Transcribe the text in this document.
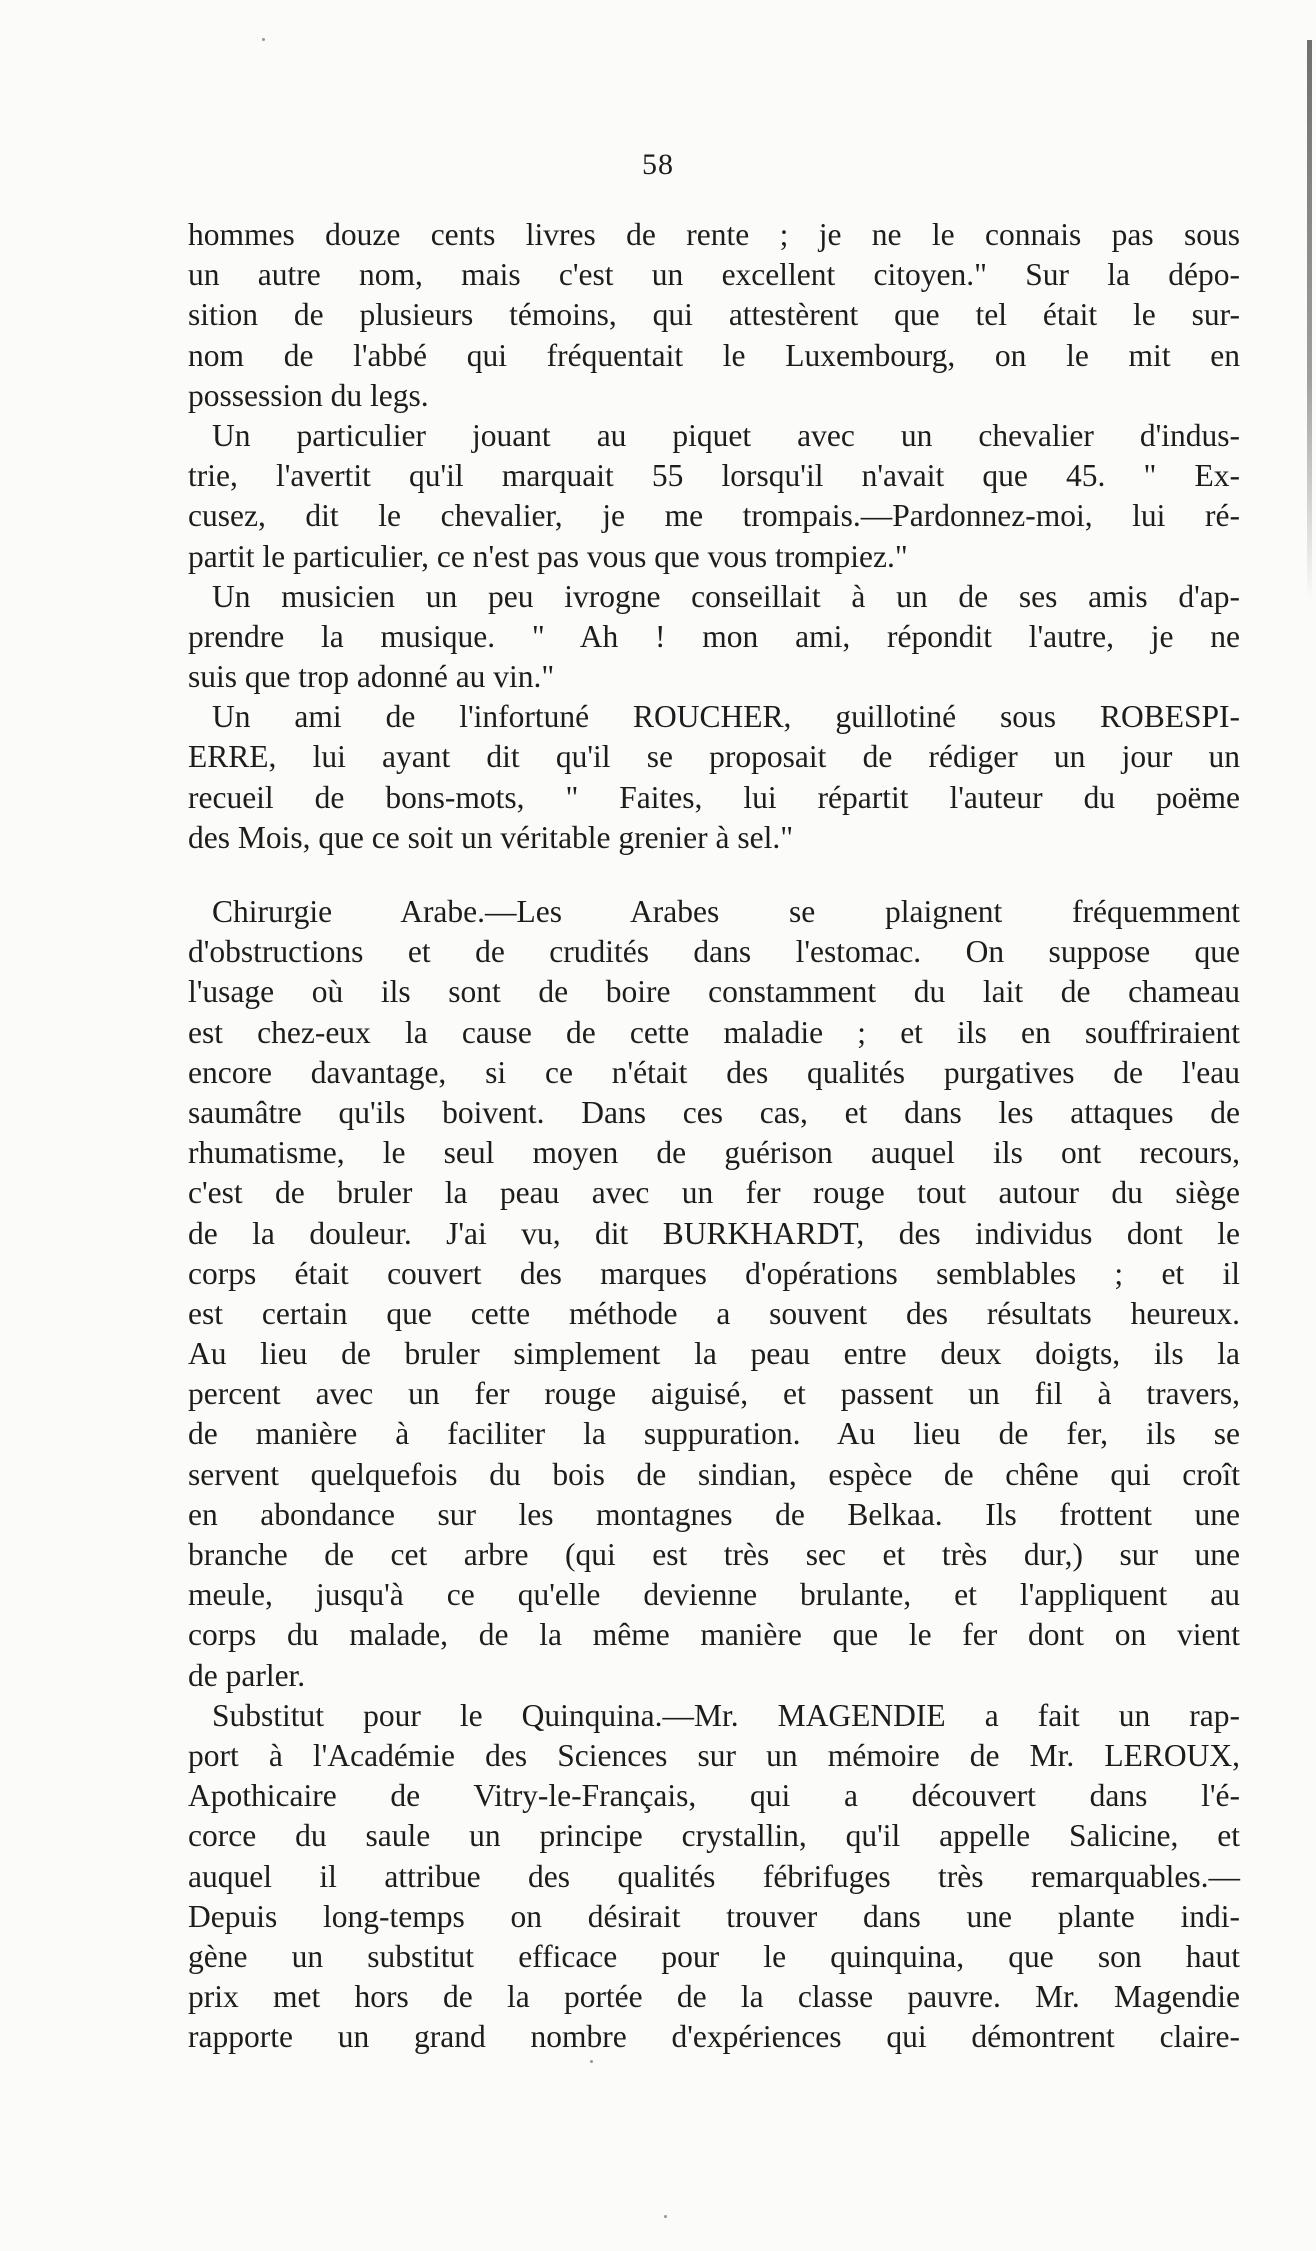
58
hommes douze cents livres de rente ; je ne le connais pas sous
un autre nom, mais c'est un excellent citoyen." Sur la dépo-
sition de plusieurs témoins, qui attestèrent que tel était le sur-
nom de l'abbé qui fréquentait le Luxembourg, on le mit en
possession du legs.
Un particulier jouant au piquet avec un chevalier d'indus-
trie, l'avertit qu'il marquait 55 lorsqu'il n'avait que 45. " Ex-
cusez, dit le chevalier, je me trompais.—Pardonnez-moi, lui ré-
partit le particulier, ce n'est pas vous que vous trompiez."
Un musicien un peu ivrogne conseillait à un de ses amis d'ap-
prendre la musique. " Ah ! mon ami, répondit l'autre, je ne
suis que trop adonné au vin."
Un ami de l'infortuné ROUCHER, guillotiné sous ROBESPI-
ERRE, lui ayant dit qu'il se proposait de rédiger un jour un
recueil de bons-mots, " Faites, lui répartit l'auteur du poëme
des Mois, que ce soit un véritable grenier à sel."
Chirurgie Arabe.—Les Arabes se plaignent fréquemment
d'obstructions et de crudités dans l'estomac. On suppose que
l'usage où ils sont de boire constamment du lait de chameau
est chez-eux la cause de cette maladie ; et ils en souffriraient
encore davantage, si ce n'était des qualités purgatives de l'eau
saumâtre qu'ils boivent. Dans ces cas, et dans les attaques de
rhumatisme, le seul moyen de guérison auquel ils ont recours,
c'est de bruler la peau avec un fer rouge tout autour du siège
de la douleur. J'ai vu, dit BURKHARDT, des individus dont le
corps était couvert des marques d'opérations semblables ; et il
est certain que cette méthode a souvent des résultats heureux.
Au lieu de bruler simplement la peau entre deux doigts, ils la
percent avec un fer rouge aiguisé, et passent un fil à travers,
de manière à faciliter la suppuration. Au lieu de fer, ils se
servent quelquefois du bois de sindian, espèce de chêne qui croît
en abondance sur les montagnes de Belkaa. Ils frottent une
branche de cet arbre (qui est très sec et très dur,) sur une
meule, jusqu'à ce qu'elle devienne brulante, et l'appliquent au
corps du malade, de la même manière que le fer dont on vient
de parler.
Substitut pour le Quinquina.—Mr. MAGENDIE a fait un rap-
port à l'Académie des Sciences sur un mémoire de Mr. LEROUX,
Apothicaire de Vitry-le-Français, qui a découvert dans l'é-
corce du saule un principe crystallin, qu'il appelle Salicine, et
auquel il attribue des qualités fébrifuges très remarquables.—
Depuis long-temps on désirait trouver dans une plante indi-
gène un substitut efficace pour le quinquina, que son haut
prix met hors de la portée de la classe pauvre. Mr. Magendie
rapporte un grand nombre d'expériences qui démontrent claire-
